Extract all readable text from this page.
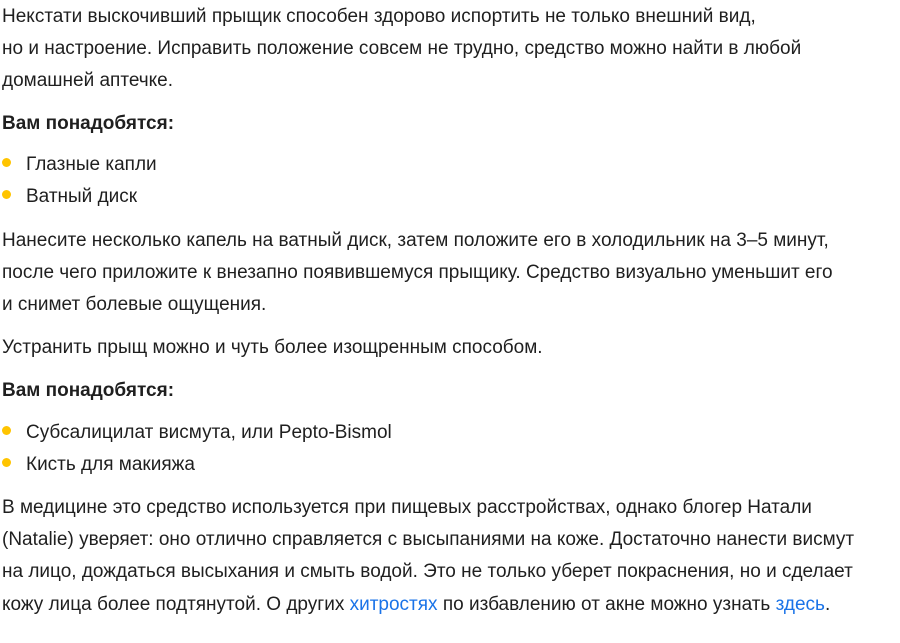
Некстати выскочивший прыщик способен здорово испортить не только внешний вид,
но и настроение. Исправить положение совсем не трудно, средство можно найти в любой
домашней аптечке.
Вам понадобятся:
Глазные капли
Ватный диск
Нанесите несколько капель на ватный диск, затем положите его в холодильник на 3–5 минут,
после чего приложите к внезапно появившемуся прыщику. Средство визуально уменьшит его
и снимет болевые ощущения.
Устранить прыщ можно и чуть более изощренным способом.
Вам понадобятся:
Субсалицилат висмута, или Pepto-Bismol
Кисть для макияжа
В медицине это средство используется при пищевых расстройствах, однако блогер Натали
(Natalie) уверяет: оно отлично справляется с высыпаниями на коже. Достаточно нанести висмут
на лицо, дождаться высыхания и смыть водой. Это не только уберет покраснения, но и сделает
кожу лица более подтянутой. О других хитростях по избавлению от акне можно узнать здесь.
